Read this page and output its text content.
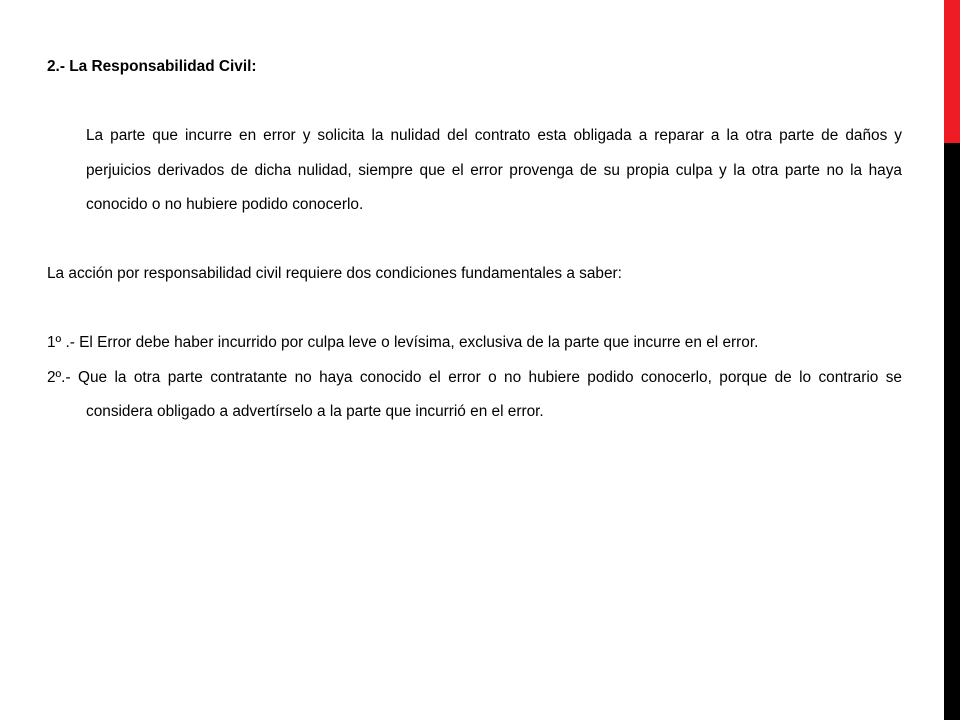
2.- La Responsabilidad Civil:

La parte que incurre en error y solicita la nulidad del contrato esta obligada a reparar a la otra parte de daños y perjuicios derivados de dicha nulidad, siempre que el error provenga de su propia culpa y la otra parte no la haya conocido o no hubiere podido conocerlo.

La acción por responsabilidad civil requiere dos condiciones fundamentales a saber:

1º .- El Error debe haber incurrido por culpa leve o levísima, exclusiva de la parte que incurre en el error.

2º.- Que la otra parte contratante no haya conocido el error o no hubiere podido conocerlo, porque de lo contrario se considera obligado a advertírselo a la parte que incurrió en el error.
